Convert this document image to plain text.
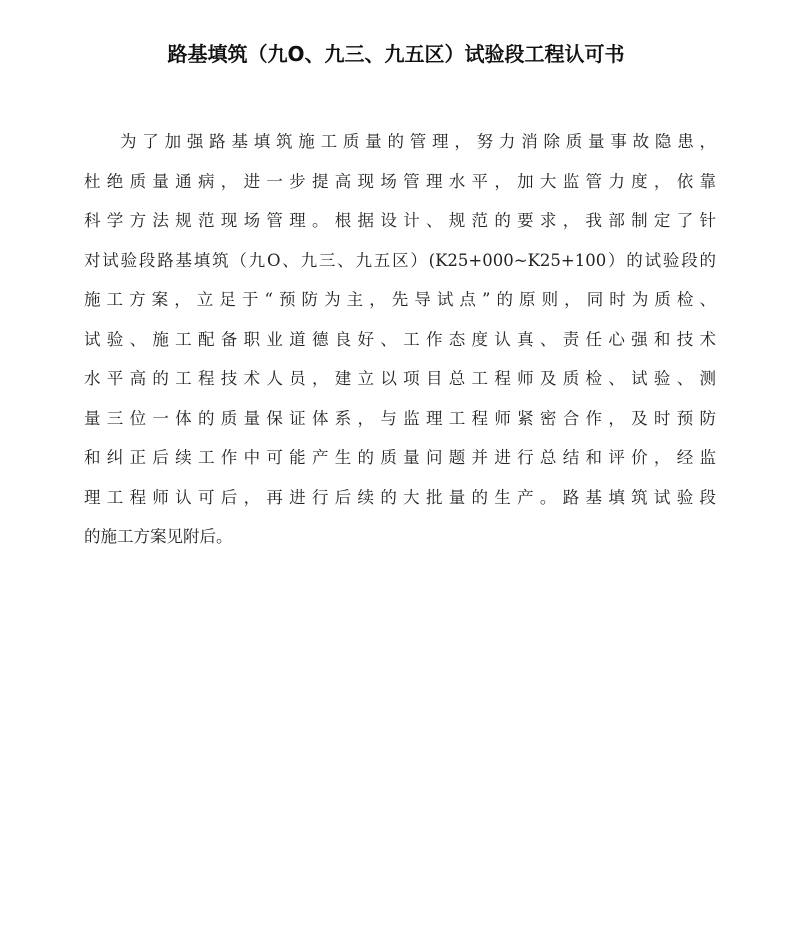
路基填筑（九O、九三、九五区）试验段工程认可书
为了加强路基填筑施工质量的管理，努力消除质量事故隐患，
杜绝质量通病，进一步提高现场管理水平，加大监管力度，依靠
科学方法规范现场管理。根据设计、规范的要求，我部制定了针
对试验段路基填筑（九O、九三、九五区）(K25+000~K25+100）的试验段的
施工方案，立足于“预防为主，先导试点”的原则，同时为质检、
试验、施工配备职业道德良好、工作态度认真、责任心强和技术
水平高的工程技术人员，建立以项目总工程师及质检、试验、测
量三位一体的质量保证体系，与监理工程师紧密合作，及时预防
和纠正后续工作中可能产生的质量问题并进行总结和评价，经监
理工程师认可后，再进行后续的大批量的生产。路基填筑试验段
的施工方案见附后。
